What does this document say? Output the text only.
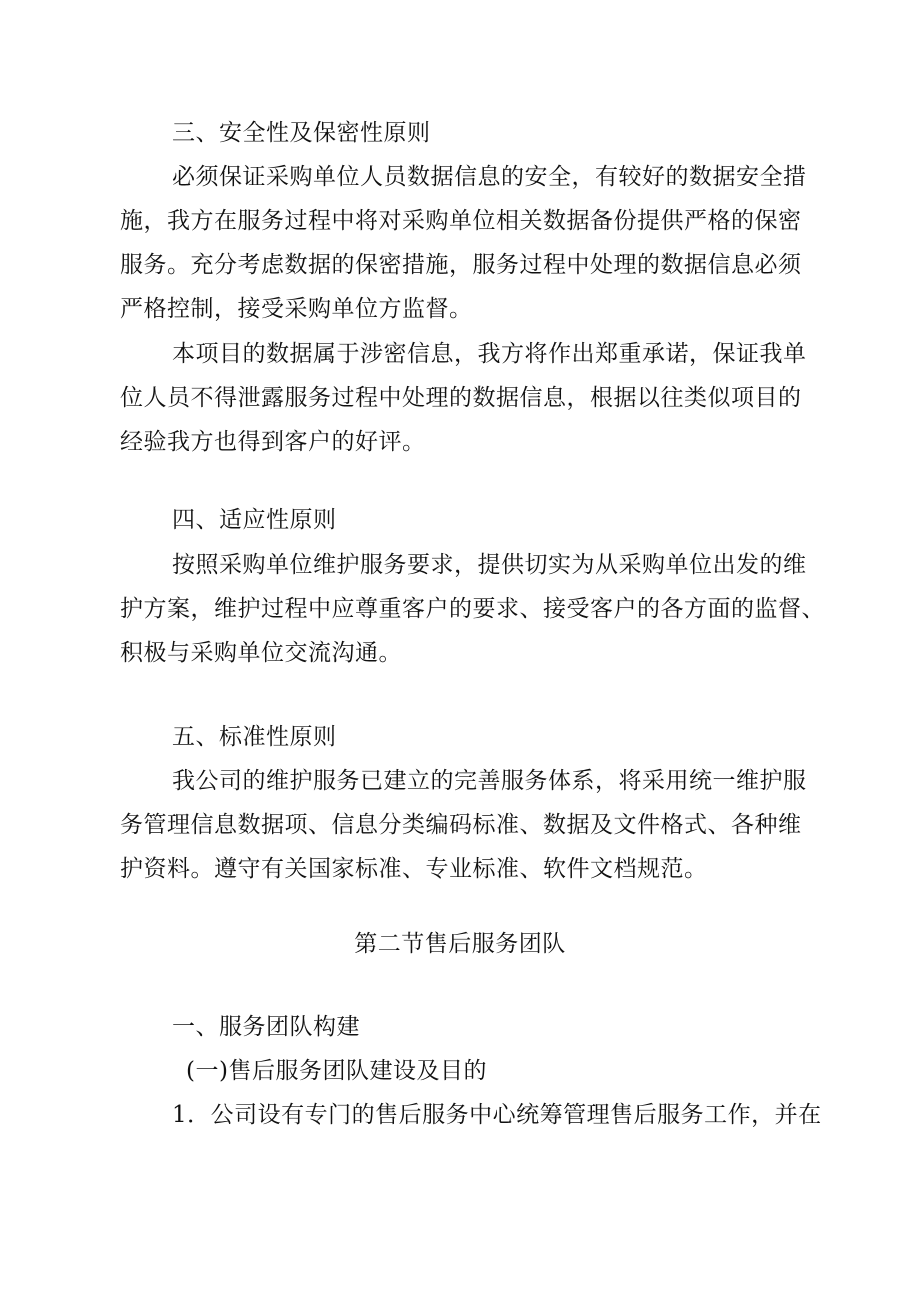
三、安全性及保密性原则
必须保证采购单位人员数据信息的安全，有较好的数据安全措
施，我方在服务过程中将对采购单位相关数据备份提供严格的保密
服务。充分考虑数据的保密措施，服务过程中处理的数据信息必须
严格控制，接受采购单位方监督。
本项目的数据属于涉密信息，我方将作出郑重承诺，保证我单
位人员不得泄露服务过程中处理的数据信息，根据以往类似项目的
经验我方也得到客户的好评。
四、适应性原则
按照采购单位维护服务要求，提供切实为从采购单位出发的维
护方案，维护过程中应尊重客户的要求、接受客户的各方面的监督、
积极与采购单位交流沟通。
五、标准性原则
我公司的维护服务已建立的完善服务体系，将采用统一维护服
务管理信息数据项、信息分类编码标准、数据及文件格式、各种维
护资料。遵守有关国家标准、专业标准、软件文档规范。
第二节售后服务团队
一、服务团队构建
(一)售后服务团队建设及目的
1．公司设有专门的售后服务中心统筹管理售后服务工作，并在
